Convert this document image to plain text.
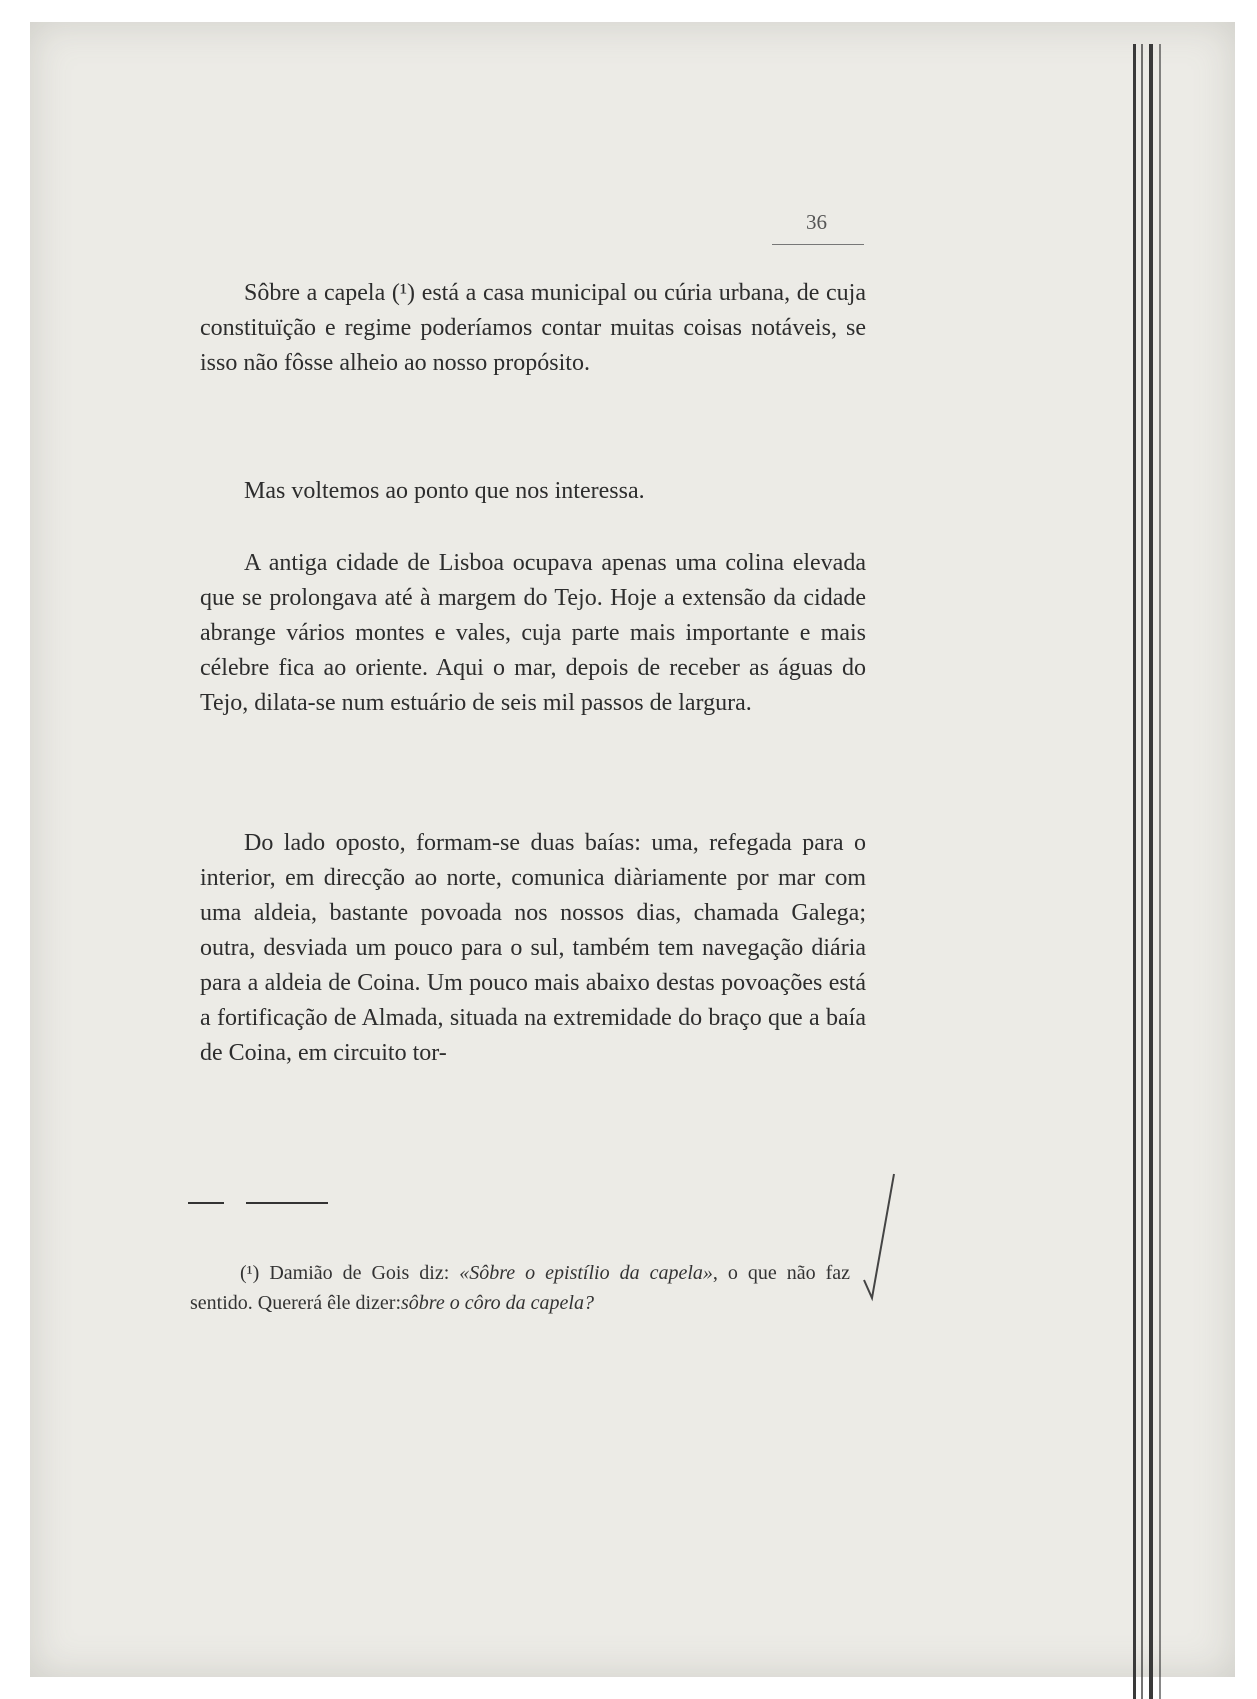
36

Sôbre a capela (¹) está a casa municipal ou cúria urbana, de cuja constituïção e regime poderíamos contar muitas coisas notáveis, se isso não fôsse alheio ao nosso propósito.

Mas voltemos ao ponto que nos interessa.

A antiga cidade de Lisboa ocupava apenas uma colina elevada que se prolongava até à margem do Tejo. Hoje a extensão da cidade abrange vários montes e vales, cuja parte mais importante e mais célebre fica ao oriente. Aqui o mar, depois de receber as águas do Tejo, dilata-se num estuário de seis mil passos de largura.

Do lado oposto, formam-se duas baías: uma, refegada para o interior, em direcção ao norte, comunica diàriamente por mar com uma aldeia, bastante povoada nos nossos dias, chamada Galega; outra, desviada um pouco para o sul, também tem navegação diária para a aldeia de Coina. Um pouco mais abaixo destas povoações está a fortificação de Almada, situada na extremidade do braço que a baía de Coina, em circuito tor-

(¹) Damião de Gois diz: «Sôbre o epistílio da capela», o que não faz sentido. Quererá êle dizer:sôbre o côro da capela?
